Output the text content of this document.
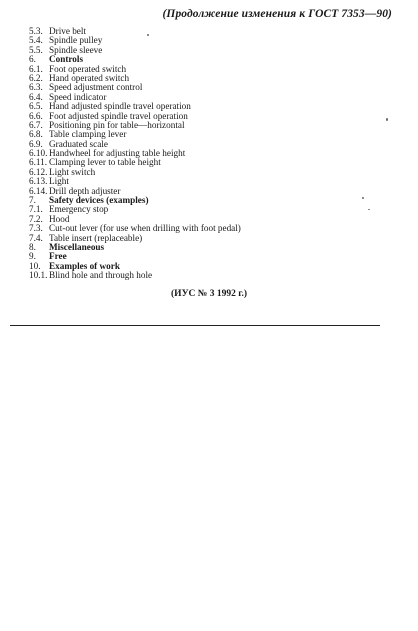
(Продолжение изменения к ГОСТ 7353—90)
5.3. Drive belt
5.4. Spindle pulley
5.5. Spindle sleeve
6.	Controls
6.1. Foot operated switch
6.2. Hand operated switch
6.3. Speed adjustment control
6.4. Speed indicator
6.5. Hand adjusted spindle travel operation
6.6. Foot adjusted spindle travel operation
6.7. Positioning pin for table—horizontal
6.8. Table clamping lever
6.9. Graduated scale
6.10. Handwheel for adjusting table height
6.11. Clamping lever to table height
6.12. Light switch
6.13. Light
6.14. Drill depth adjuster
7.	Safety devices (examples)
7.1. Emergency stop
7.2. Hood
7.3. Cut-out lever (for use when drilling with foot pedal)
7.4. Table insert (replaceable)
8.	Miscellaneous
9.	Free
10. Examples of work
10.1. Blind hole and through hole
(ИУС № 3 1992 г.)
